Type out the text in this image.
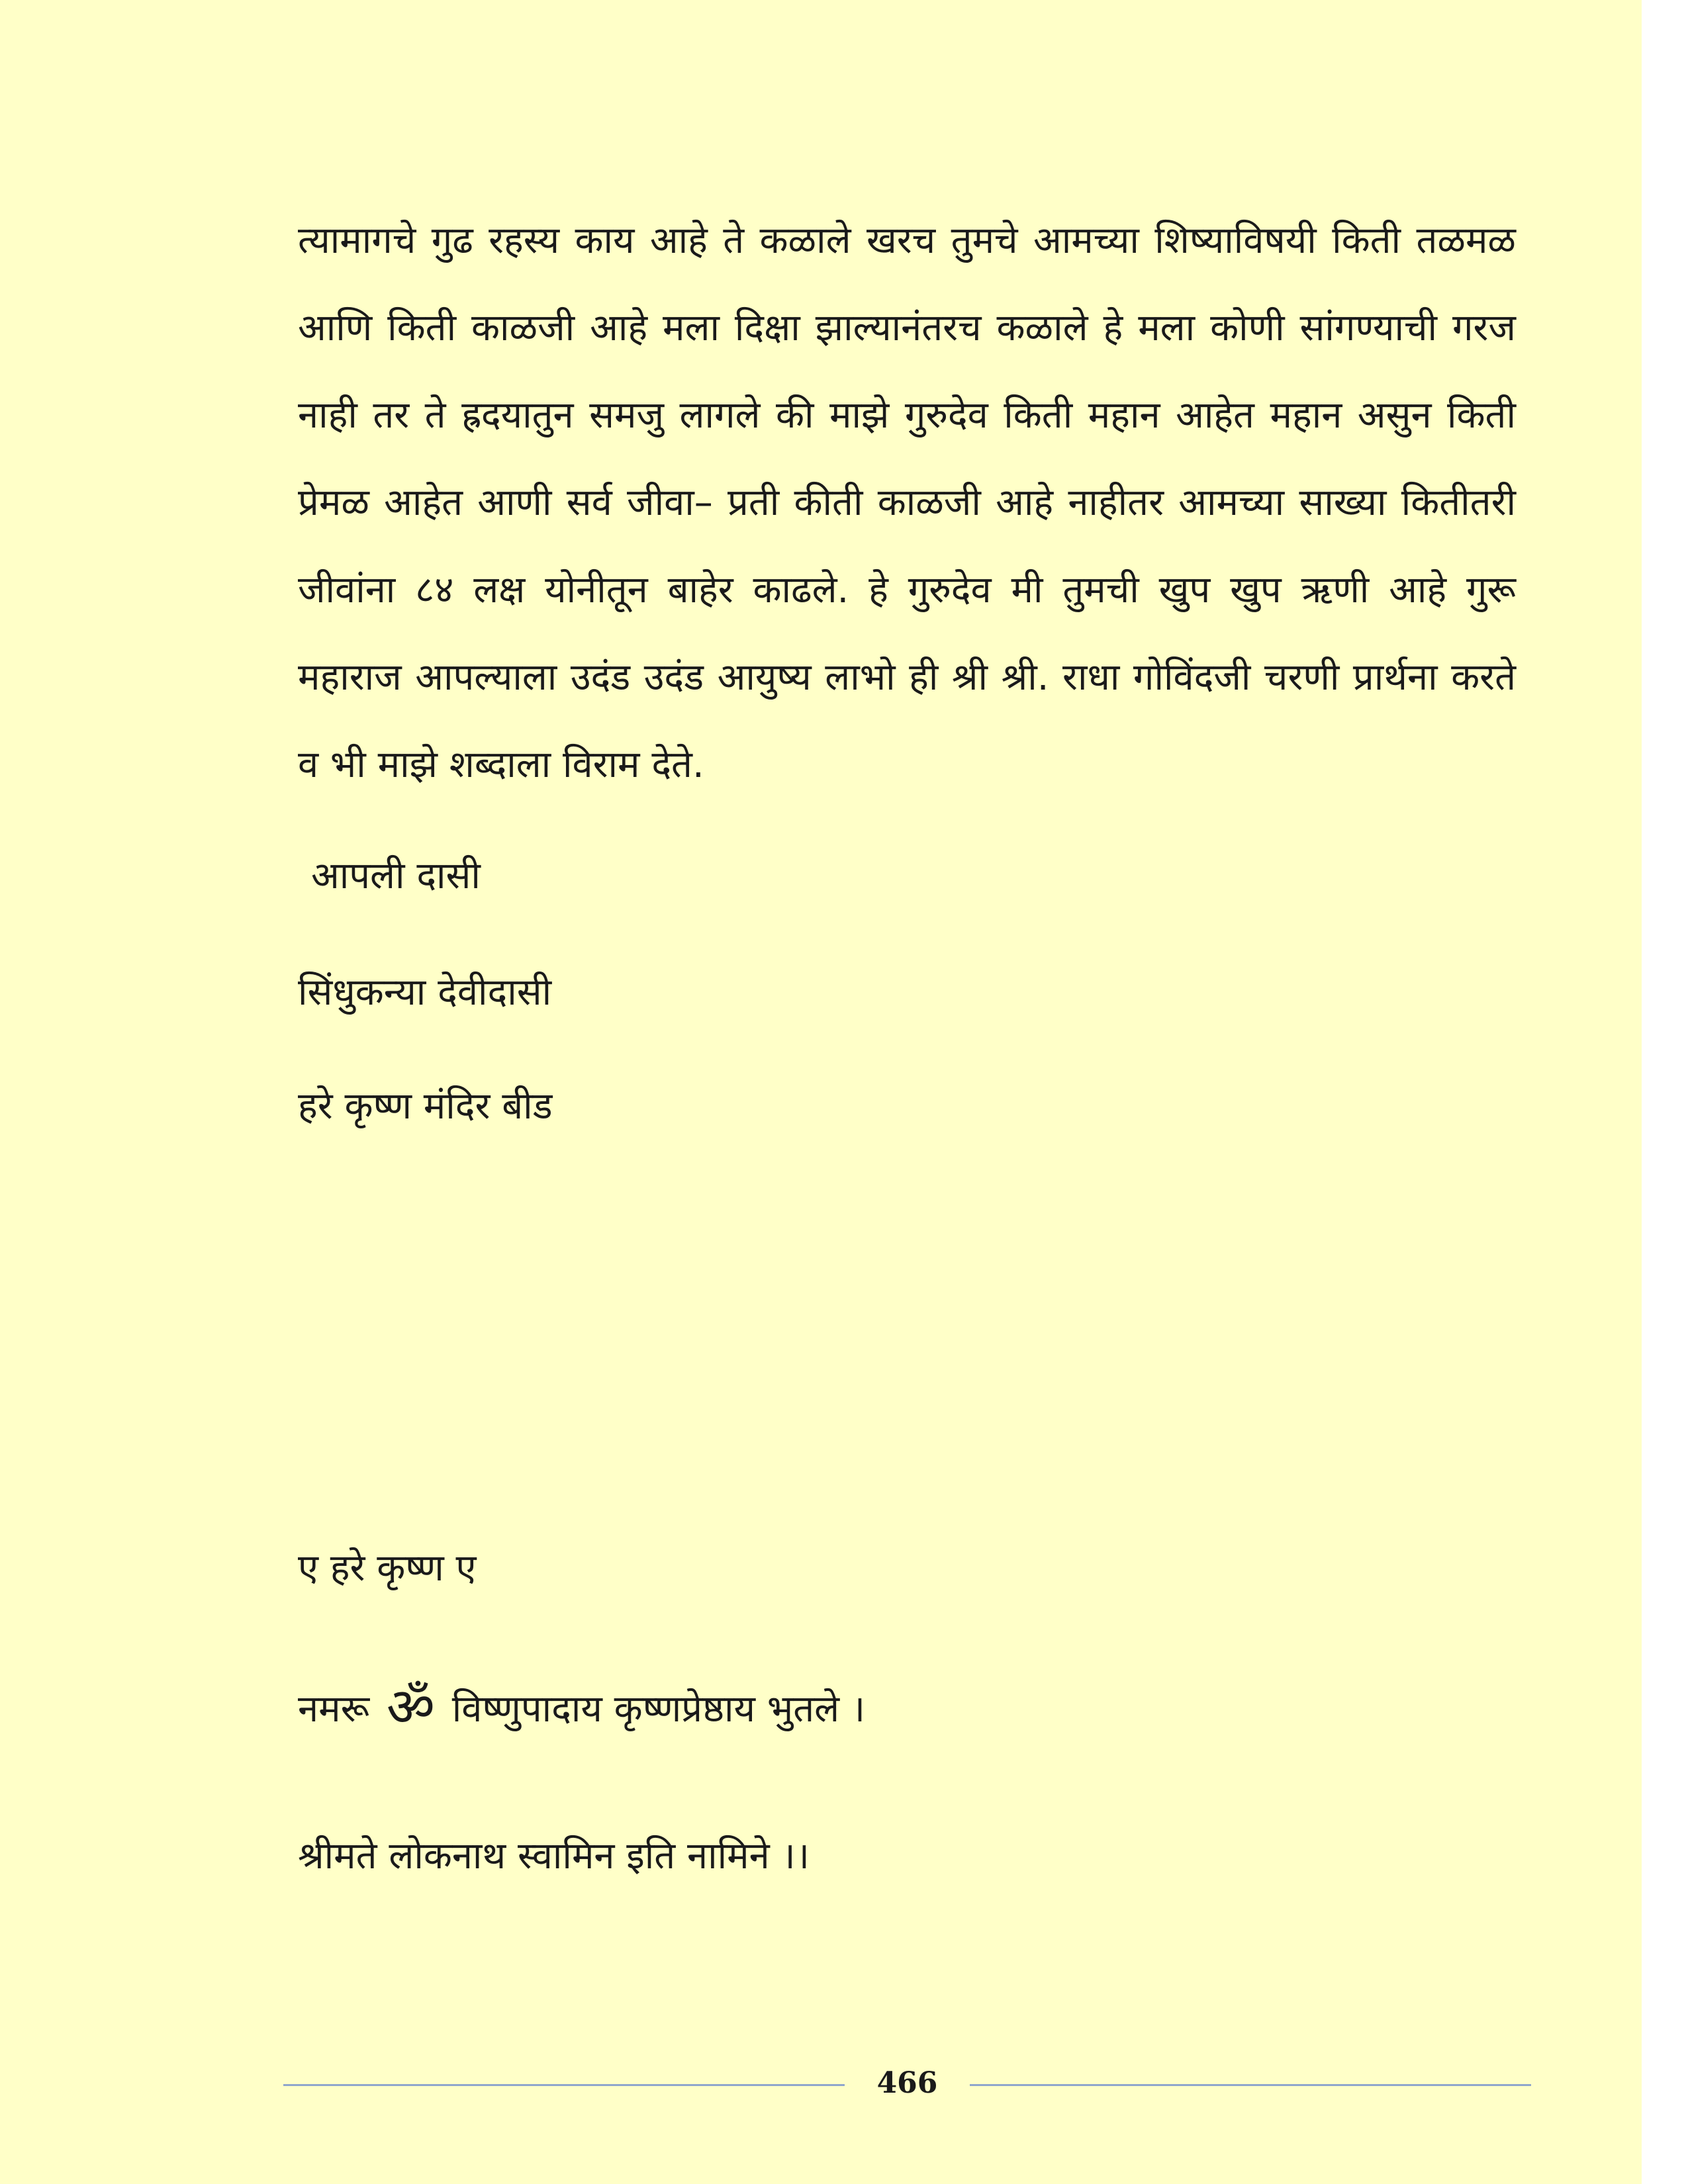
त्यामागचे गुढ रहस्य काय आहे ते कळाले खरच तुमचे आमच्या शिष्याविषयी किती तळमळ आणि किती काळजी आहे मला दिक्षा झाल्यानंतरच कळाले हे मला कोणी सांगण्याची गरज नाही तर ते ह्रदयातुन समजु लागले की माझे गुरुदेव किती महान आहेत महान असुन किती प्रेमळ आहेत आणी सर्व जीवा– प्रती कीती काळजी आहे नाहीतर आमच्या साख्या कितीतरी जीवांना ८४ लक्ष योनीतून बाहेर काढले. हे गुरुदेव मी तुमची खुप खुप ऋणी आहे गुरू महाराज आपल्याला उदंड उदंड आयुष्य लाभो ही श्री श्री. राधा गोविंदजी चरणी प्रार्थना करते व भी माझे शब्दाला विराम देते.

आपली दासी
सिंधुकन्या देवीदासी
हरे कृष्ण मंदिर बीड
ए हरे कृष्ण ए
नमरू ॐ विष्णुपादाय कृष्णप्रेष्ठाय भुतले ।
श्रीमते लोकनाथ स्वामिन इति नामिने ।।
466
